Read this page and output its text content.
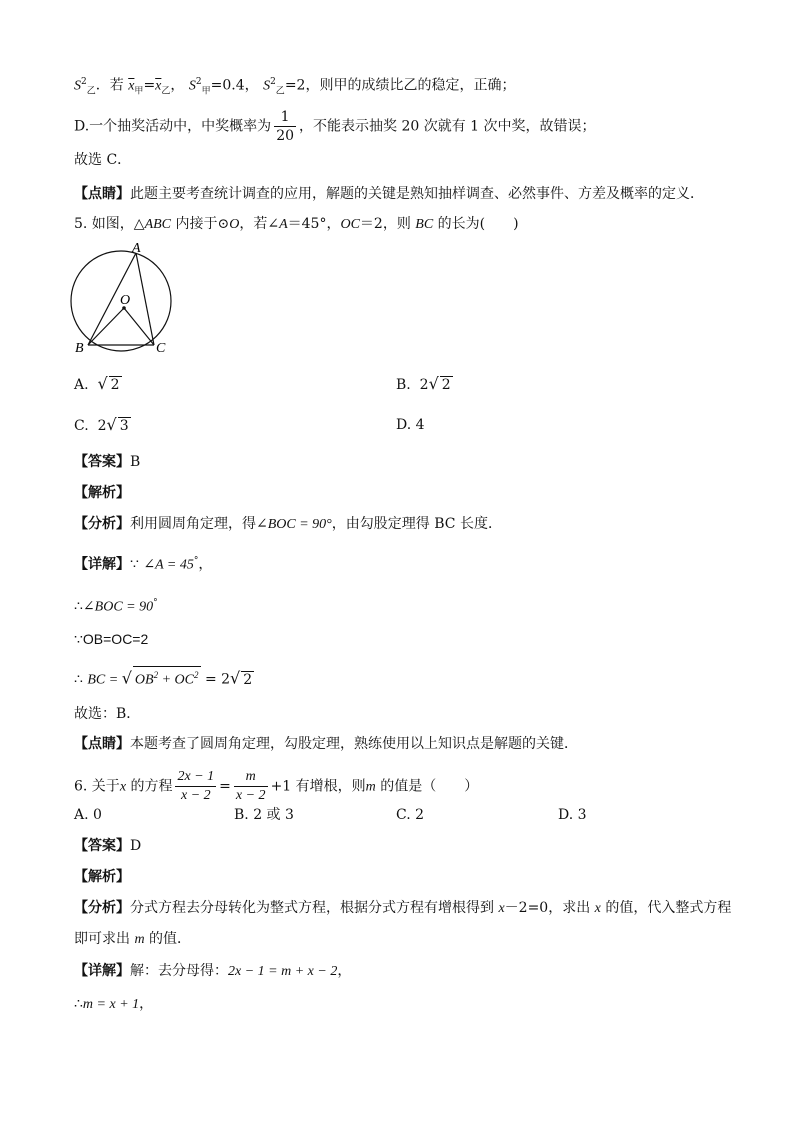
$S^2_乙$．若 $\overline{x}_甲=\overline{x}_乙$， $S^2_甲=0.4$， $S^2_乙=2$，则甲的成绩比乙的稳定，正确；
D.一个抽奖活动中，中奖概率为 $\frac{1}{20}$ ，不能表示抽奖 20 次就有 1 次中奖，故错误；
故选 C．
【点睛】此题主要考查统计调查的应用，解题的关键是熟知抽样调查、必然事件、方差及概率的定义．
5. 如图，△ABC 内接于⊙O，若∠A＝45°，OC＝2，则 BC 的长为(　　)
A
O
B	C
A. √ 2	B. 2√ 2
C. 2√ 3	D. 4
【答案】B
【解析】
【分析】利用圆周角定理，得∠BOC = 90°，由勾股定理得 BC 长度．
【详解】∵ ∠A = 45°，
∴∠BOC = 90°
∵OB=OC=2
∴ BC = √ $OB^2 + OC^2 = 2√$ 2
故选：B．
【点睛】本题考查了圆周角定理，勾股定理，熟练使用以上知识点是解题的关键．
6. 关于x 的方程 $\frac{2x - 1}{x - 2} = \frac{m}{x - 2} +1$ 有增根，则m 的值是（　　）
A. 0	B. 2 或 3	C. 2	D. 3
【答案】D
【解析】
【分析】分式方程去分母转化为整式方程，根据分式方程有增根得到 x－2=0，求出 x 的值，代入整式方程
即可求出 m 的值．
【详解】解：去分母得：2x − 1 = m + x − 2，
∴m = x + 1，
